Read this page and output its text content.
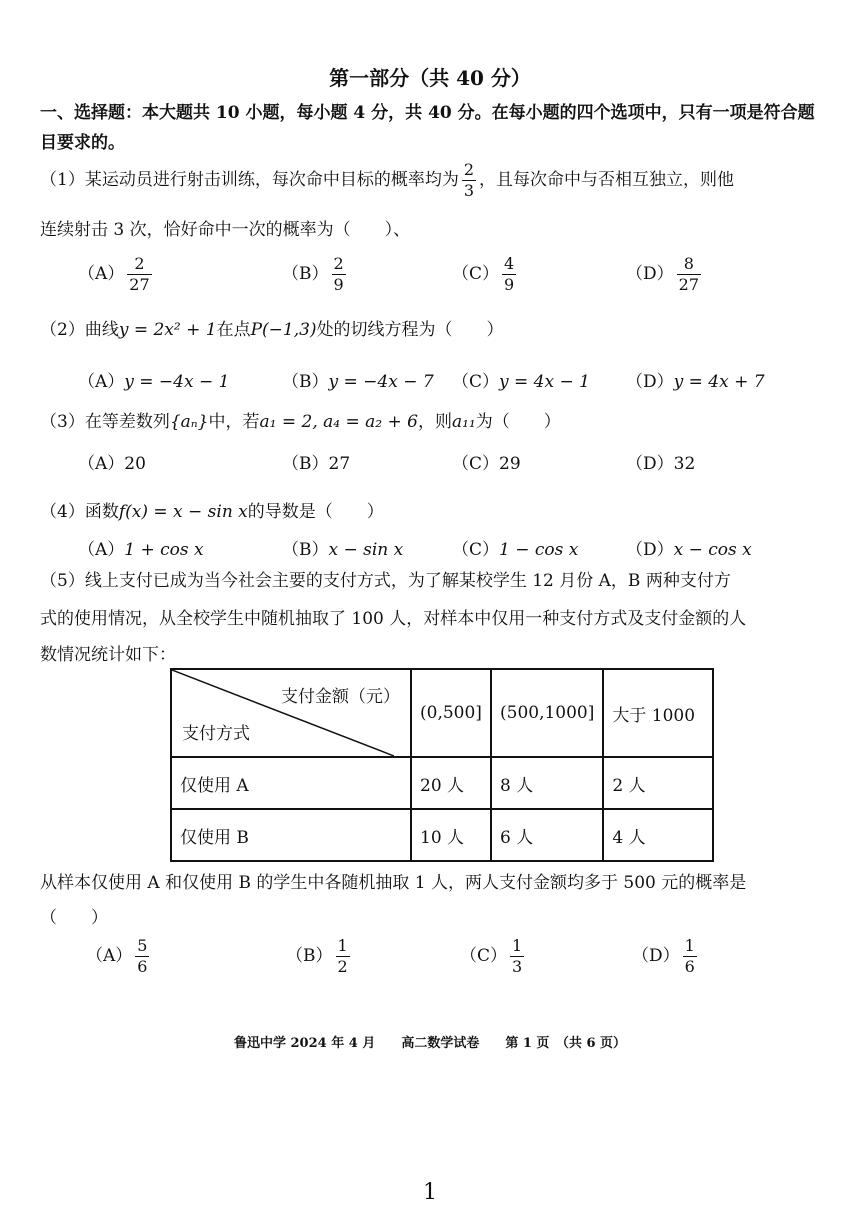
第一部分（共 40 分）
一、选择题：本大题共 10 小题，每小题 4 分，共 40 分。在每小题的四个选项中，只有一项是符合题目要求的。
（1）某运动员进行射击训练，每次命中目标的概率均为 $\frac{2}{3}$ ，且每次命中与否相互独立，则他
连续射击 3 次，恰好命中一次的概率为（　　）、
$(A) \frac{2}{27}$	$(B) \frac{2}{9}$	$(C) \frac{4}{9}$	$(D) \frac{8}{27}$
（2）曲线y = 2x² + 1在点P(−1,3)处的切线方程为（　　）
（A）y = −4x − 1	（B）y = −4x − 7 （C）y = 4x − 1 （D）y = 4x + 7
（3）在等差数列{aₙ}中，若a₁ = 2, a₄ = a₂ + 6，则a₁₁为（　　）
（A）20	（B）27	（C）29	（D）32
（4）函数f(x) = x − sin x的导数是（　　）
（A）1 + cos x	（B）x − sin x	（C）1 − cos x	（D）x − cos x
（5）线上支付已成为当今社会主要的支付方式，为了解某校学生 12 月份 A，B 两种支付方
式的使用情况，从全校学生中随机抽取了 100 人，对样本中仅用一种支付方式及支付金额的人
数情况统计如下：
支付金额（元）
支付方式	(0,500]	(500,1000]	大于 1000
仅使用 A	20 人	8 人	2 人
仅使用 B	10 人	6 人	4 人
从样本仅使用 A 和仅使用 B 的学生中各随机抽取 1 人，两人支付金额均多于 500 元的概率是
（　　）
$(A) \frac{5}{6}$	$(B) \frac{1}{2}$	$(C) \frac{1}{3}$	$(D) \frac{1}{6}$
鲁迅中学 2024 年 4 月　　高二数学试卷　　第 1 页　（共 6 页）
1
